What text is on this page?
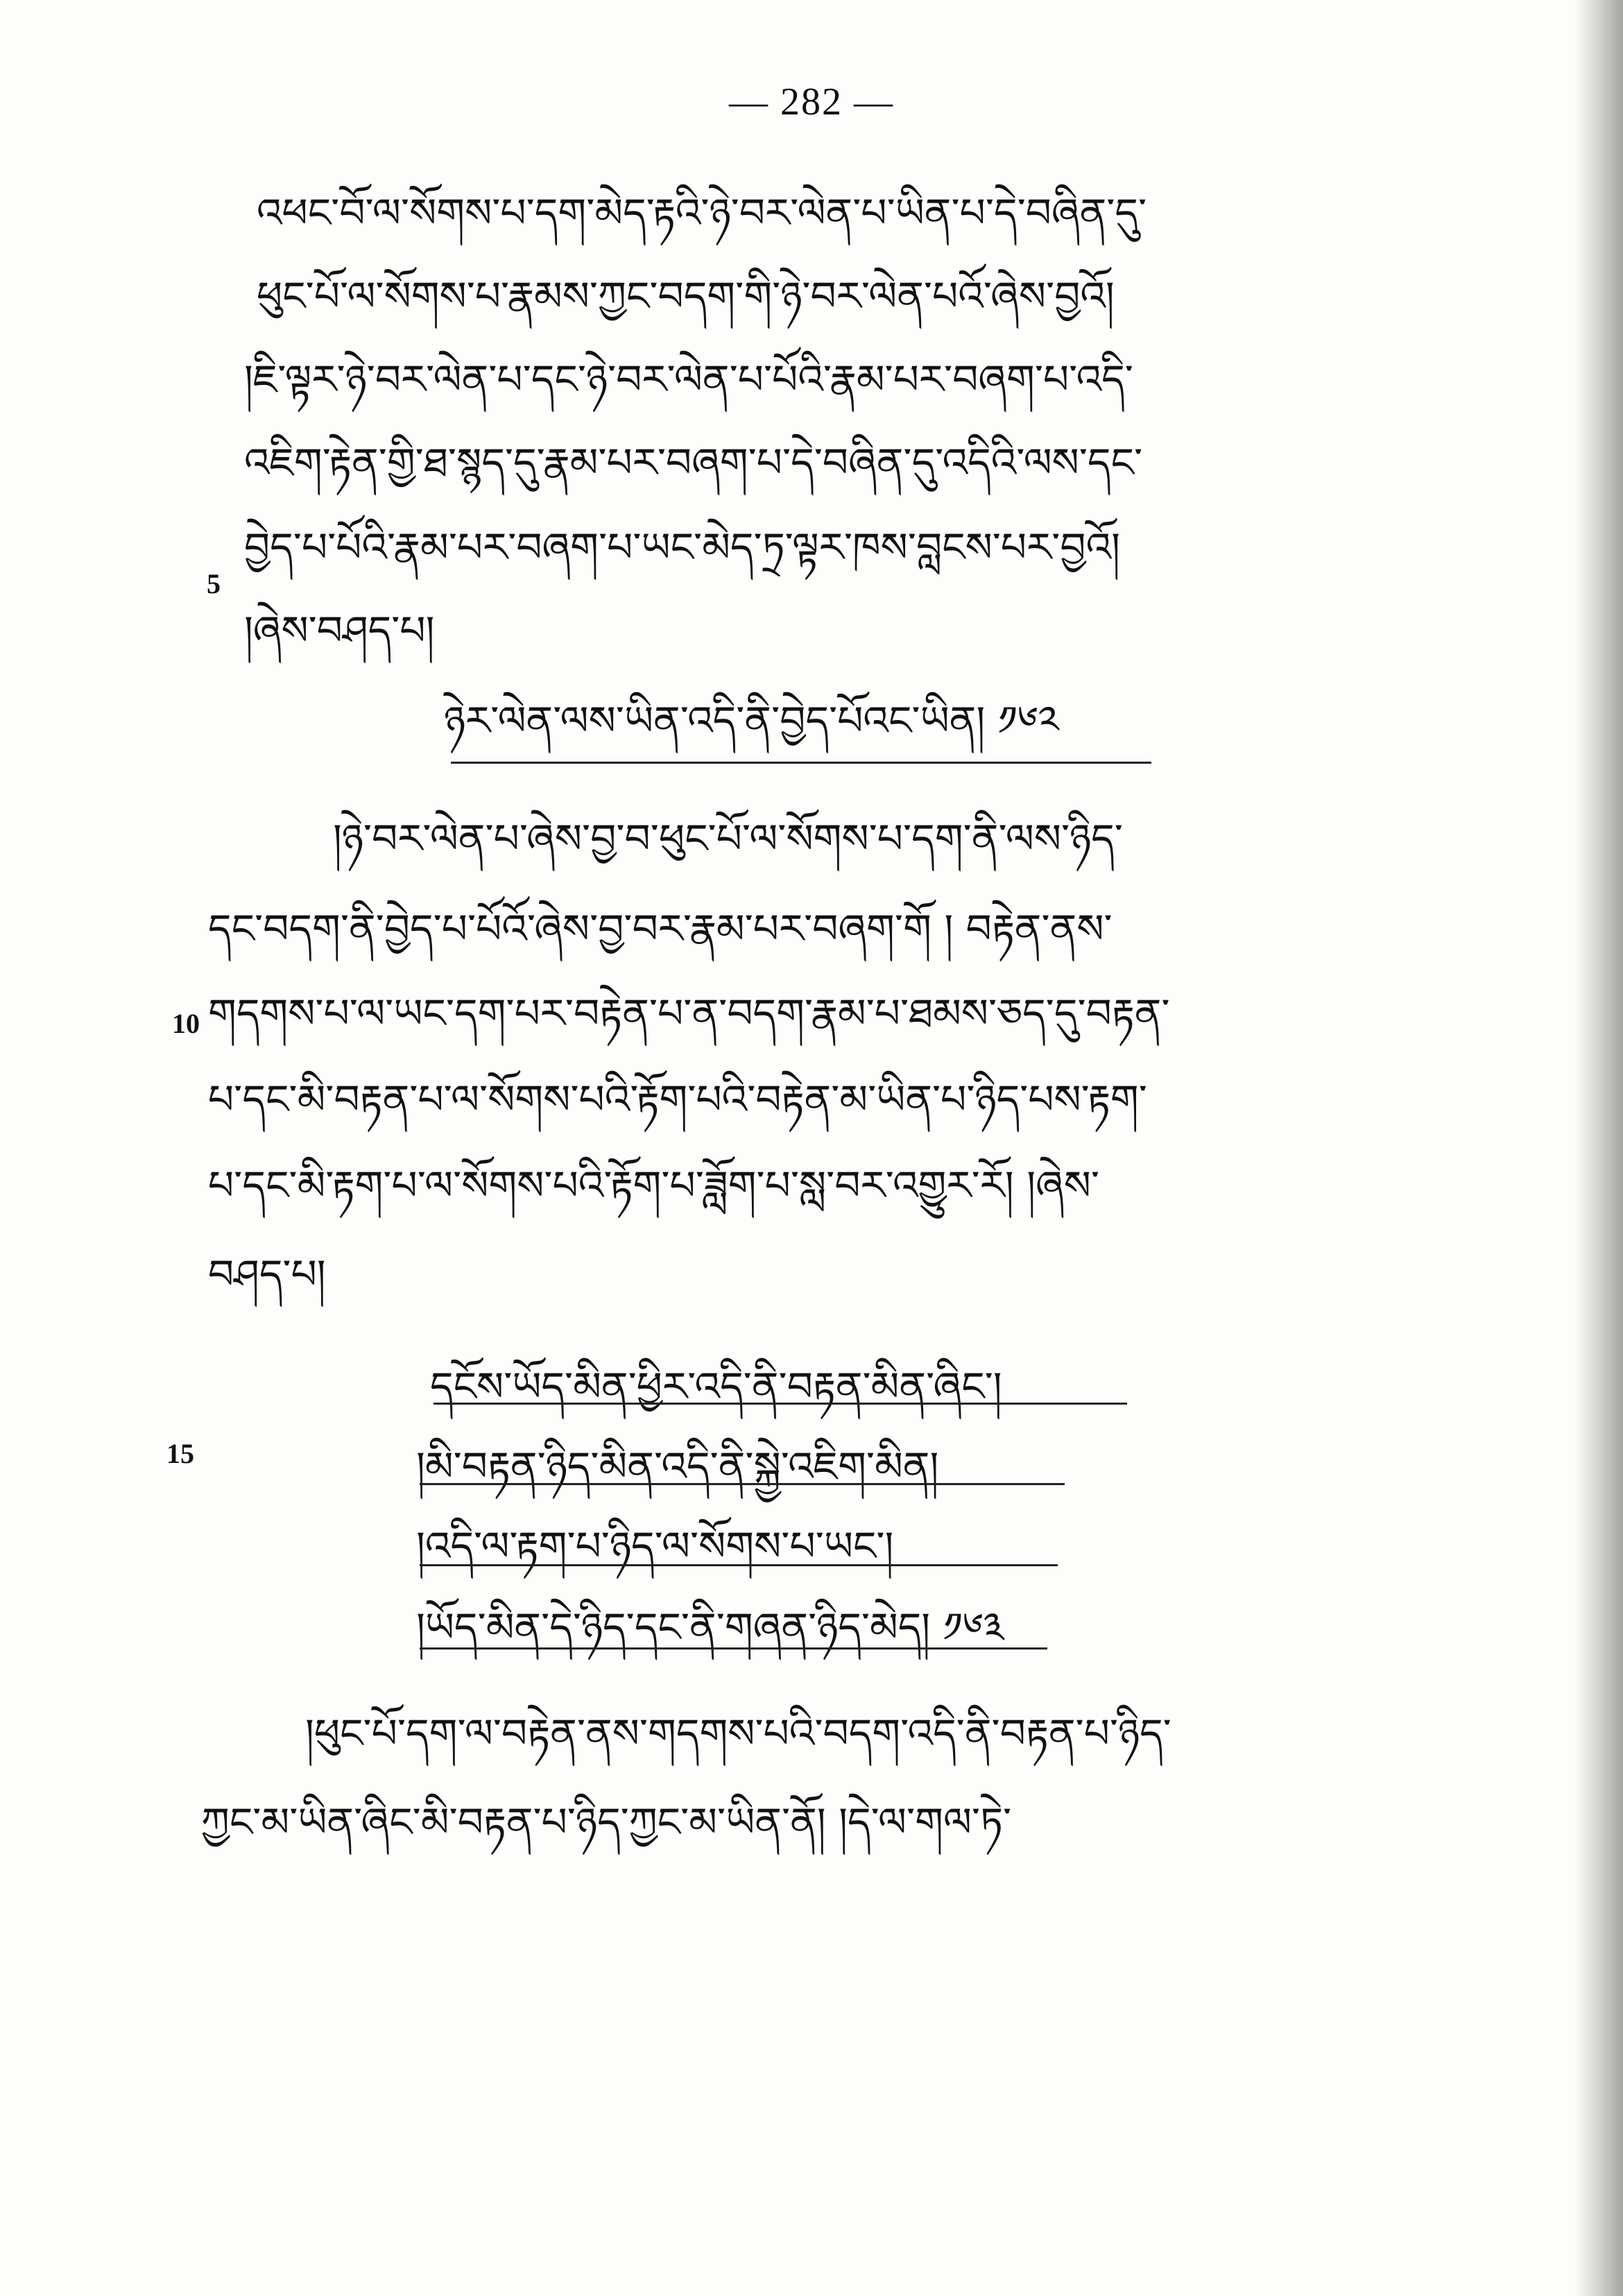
— 282 —
འཕང་བོ་ལ་སོགས་པ་དག་མེད་རྟའི་ཉེ་བར་ལེན་པ་ཡིན་པ་དེ་བཞིན་དུ་
ཕུང་པོ་ལ་སོགས་པ་རྣམས་ཀྱང་བདག་གི་ཉེ་བར་ལེན་པའོ་ཞེས་བྱའོ།
།ཇི་ལྟར་ཉེ་བར་ལེན་པ་དང་ཉེ་བར་ལེན་པ་པོའི་རྣམ་པར་བཞག་པ་འདི་
འཇིག་རྟེན་གྱི་ཐ་སྙད་དུ་རྣམ་པར་བཞག་པ་དེ་བཞིན་དུ་འདིའི་ལས་དང་
5
བྱེད་པ་པོའི་རྣམ་པར་བཞག་པ་ཡང་མེད་ཏྲ་ལྟར་ཁས་བླངས་པར་བྱའོ།
།ཞེས་བཤད་པ།
ཉེར་ལེན་ལས་ཡིན་འདི་ནི་བྱེད་པོའང་ཡིན། ༡༦༢
།ཉེ་བར་ལེན་པ་ཞེས་བྱ་བ་ཕུང་པོ་ལ་སོགས་པ་དག་ནི་ལས་ཉིད་
དང་བདག་ནི་བྱེད་པ་པོའོ་ཞེས་བྱ་བར་རྣམ་པར་བཞག་གོ ། བརྟེན་ནས་
10 གདགས་པ་ལ་ཡང་དག་པར་བརྟེན་པ་ན་བདག་རྣམ་པ་ཐམས་ཅད་དུ་བརྟན་
པ་དང་མི་བརྟན་པ་ལ་སོགས་པའི་རྟོག་པའི་བརྟེན་མ་ཡིན་པ་ཉིད་པས་རྟག་
པ་དང་མི་རྟག་པ་ལ་སོགས་པའི་རྟོག་པ་ཟློག་པ་སླ་བར་འགྱུར་རོ། །ཞེས་
བཤད་པ།
དངོས་ཡོད་མིན་ཕྱིར་འདི་ནི་བརྟན་མིན་ཞིང་།
15	།མི་བརྟན་ཉིད་མིན་འདི་ནི་སྐྱེ་འཇིག་མིན།
།འདི་ལ་རྟག་པ་ཉིད་ལ་སོགས་པ་ཡང་།
།ཡོད་མིན་དེ་ཉིད་དང་ནི་གཞན་ཉིད་མེད། ༡༦༣
།ཕུང་པོ་དག་ལ་བརྟེན་ནས་གདགས་པའི་བདག་འདི་ནི་བརྟན་པ་ཉིད་
ཀྱང་མ་ཡིན་ཞིང་མི་བརྟན་པ་ཉིད་ཀྱང་མ་ཡིན་ནོ། །དེ་ལ་གལ་ཏེ་
